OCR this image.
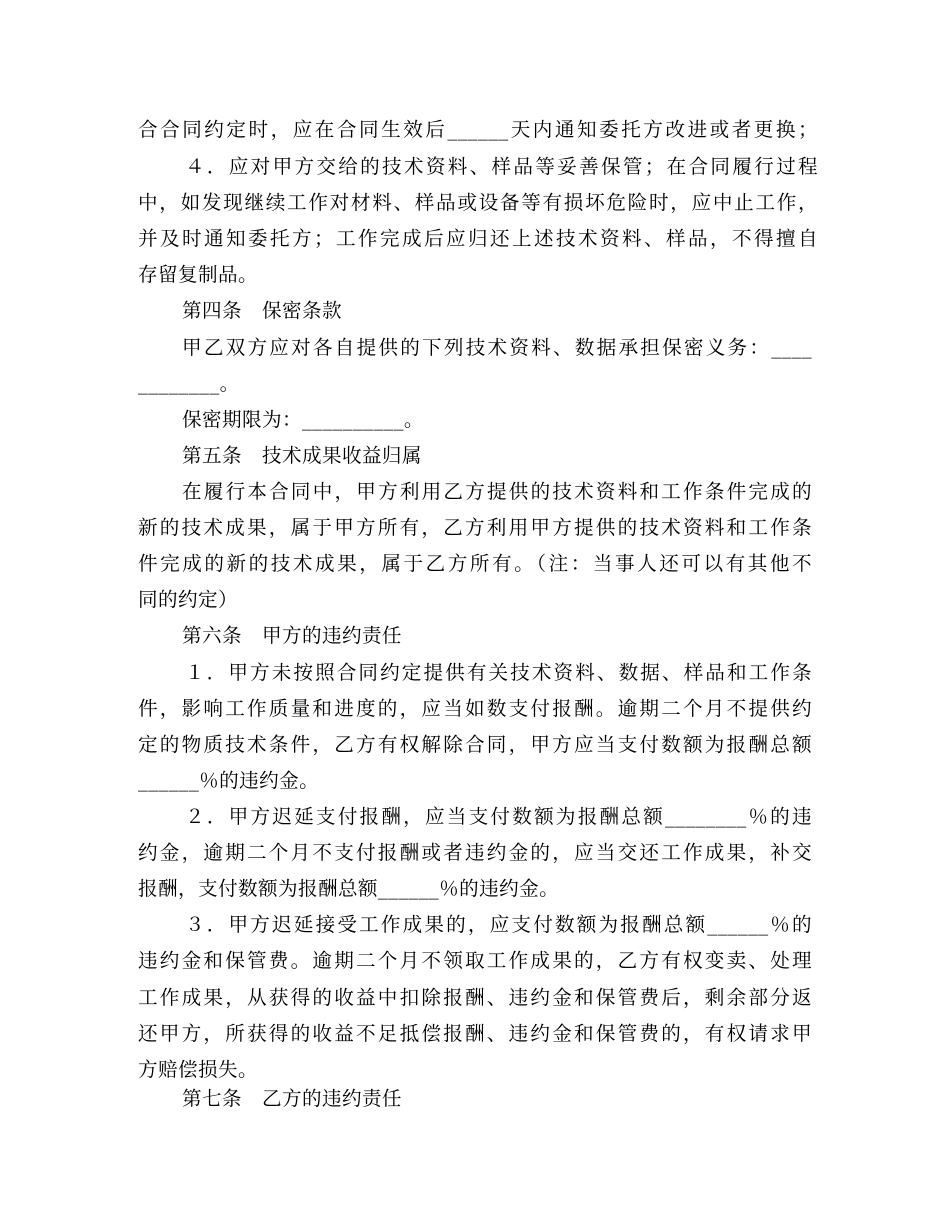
合合同约定时，应在合同生效后______天内通知委托方改进或者更换；
４．应对甲方交给的技术资料、样品等妥善保管；在合同履行过程
中，如发现继续工作对材料、样品或设备等有损坏危险时，应中止工作，
并及时通知委托方；工作完成后应归还上述技术资料、样品，不得擅自
存留复制品。
第四条　保密条款
甲乙双方应对各自提供的下列技术资料、数据承担保密义务：____
________。
保密期限为：__________。
第五条　技术成果收益归属
在履行本合同中，甲方利用乙方提供的技术资料和工作条件完成的
新的技术成果，属于甲方所有，乙方利用甲方提供的技术资料和工作条
件完成的新的技术成果，属于乙方所有。（注：当事人还可以有其他不
同的约定）
第六条　甲方的违约责任
１．甲方未按照合同约定提供有关技术资料、数据、样品和工作条
件，影响工作质量和进度的，应当如数支付报酬。逾期二个月不提供约
定的物质技术条件，乙方有权解除合同，甲方应当支付数额为报酬总额
______％的违约金。
２．甲方迟延支付报酬，应当支付数额为报酬总额________％的违
约金，逾期二个月不支付报酬或者违约金的，应当交还工作成果，补交
报酬，支付数额为报酬总额______％的违约金。
３．甲方迟延接受工作成果的，应支付数额为报酬总额______％的
违约金和保管费。逾期二个月不领取工作成果的，乙方有权变卖、处理
工作成果，从获得的收益中扣除报酬、违约金和保管费后，剩余部分返
还甲方，所获得的收益不足抵偿报酬、违约金和保管费的，有权请求甲
方赔偿损失。
第七条　乙方的违约责任
